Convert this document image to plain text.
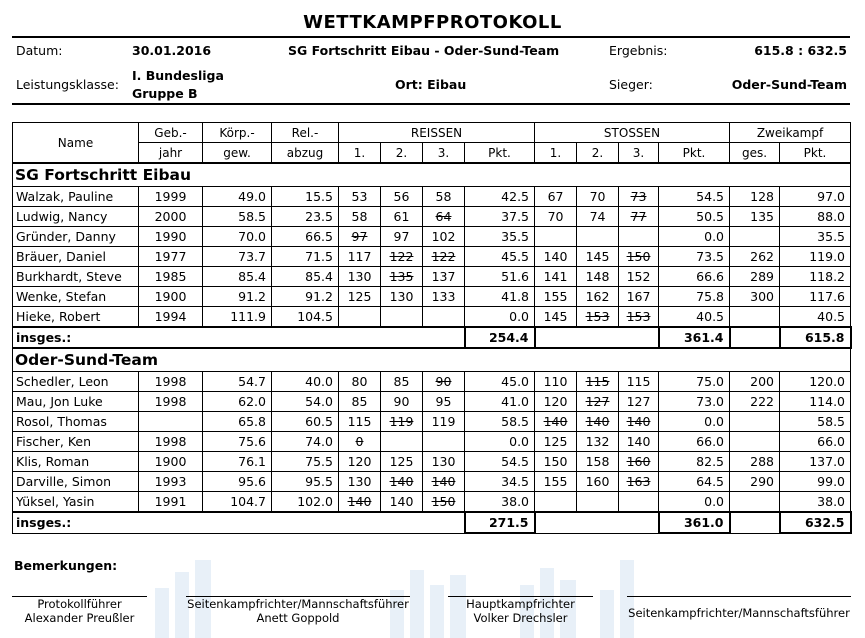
WETTKAMPFPROTOKOLL
Datum:	30.01.2016	SG Fortschritt Eibau - Oder-Sund-Team	Ergebnis:	615.8 : 632.5
Leistungsklasse:
I. Bundesliga
Gruppe B
Ort: Eibau	Sieger:	Oder-Sund-Team
Name	Geb.-	Körp.-	Rel.-	REISSEN				STOSSEN				Zweikampf	
	jahr	gew.	abzug	1.	2.	3.	Pkt.	1.	2.	3.	Pkt.	ges.	Pkt.
SG Fortschritt Eibau													
Walzak, Pauline	1999	49.0	15.5	53	56	58	42.5	67	70	73	54.5	128	97.0
Ludwig, Nancy	2000	58.5	23.5	58	61	64	37.5	70	74	77	50.5	135	88.0
Gründer, Danny	1990	70.0	66.5	97	97	102	35.5				0.0		35.5
Bräuer, Daniel	1977	73.7	71.5	117	122	122	45.5	140	145	150	73.5	262	119.0
Burkhardt, Steve	1985	85.4	85.4	130	135	137	51.6	141	148	152	66.6	289	118.2
Wenke, Stefan	1900	91.2	91.2	125	130	133	41.8	155	162	167	75.8	300	117.6
Hieke, Robert	1994	111.9	104.5				0.0	145	153	153	40.5		40.5
insges.:							254.4				361.4		615.8
Oder-Sund-Team													
Schedler, Leon	1998	54.7	40.0	80	85	90	45.0	110	115	115	75.0	200	120.0
Mau, Jon Luke	1998	62.0	54.0	85	90	95	41.0	120	127	127	73.0	222	114.0
Rosol, Thomas		65.8	60.5	115	119	119	58.5	140	140	140	0.0		58.5
Fischer, Ken	1998	75.6	74.0	0			0.0	125	132	140	66.0		66.0
Klis, Roman	1900	76.1	75.5	120	125	130	54.5	150	158	160	82.5	288	137.0
Darville, Simon	1993	95.6	95.5	130	140	140	34.5	155	160	163	64.5	290	99.0
Yüksel, Yasin	1991	104.7	102.0	140	140	150	38.0				0.0		38.0
insges.:							271.5				361.0		632.5
Bemerkungen:
Protokollführer
Alexander Preußler
Seitenkampfrichter/Mannschaftsführer
Anett Goppold
Hauptkampfrichter
Volker Drechsler	Seitenkampfrichter/Mannschaftsführer
